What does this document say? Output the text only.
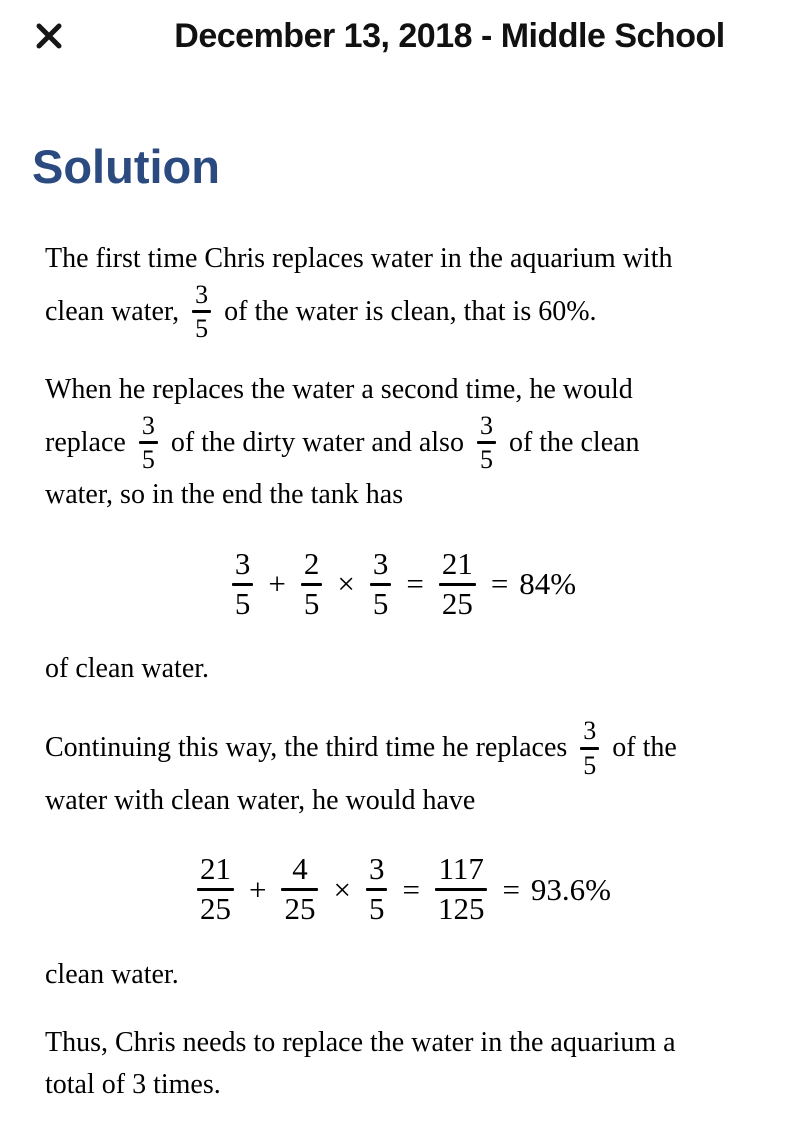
December 13, 2018 - Middle School
Solution
The first time Chris replaces water in the aquarium with
clean water, $\frac{3}{5}$ of the water is clean, that is 60%.
When he replaces the water a second time, he would
replace $\frac{3}{5}$ of the dirty water and also $\frac{3}{5}$ of the clean
water, so in the end the tank has
$\frac{3}{5} + \frac{2}{5} \times \frac{3}{5} = \frac{21}{25} = 84\%$
of clean water.
Continuing this way, the third time he replaces $\frac{3}{5}$ of the
water with clean water, he would have
$\frac{21}{25} + \frac{4}{25} \times \frac{3}{5} = \frac{117}{125} = 93.6\%$
clean water.
Thus, Chris needs to replace the water in the aquarium a
total of 3 times.
